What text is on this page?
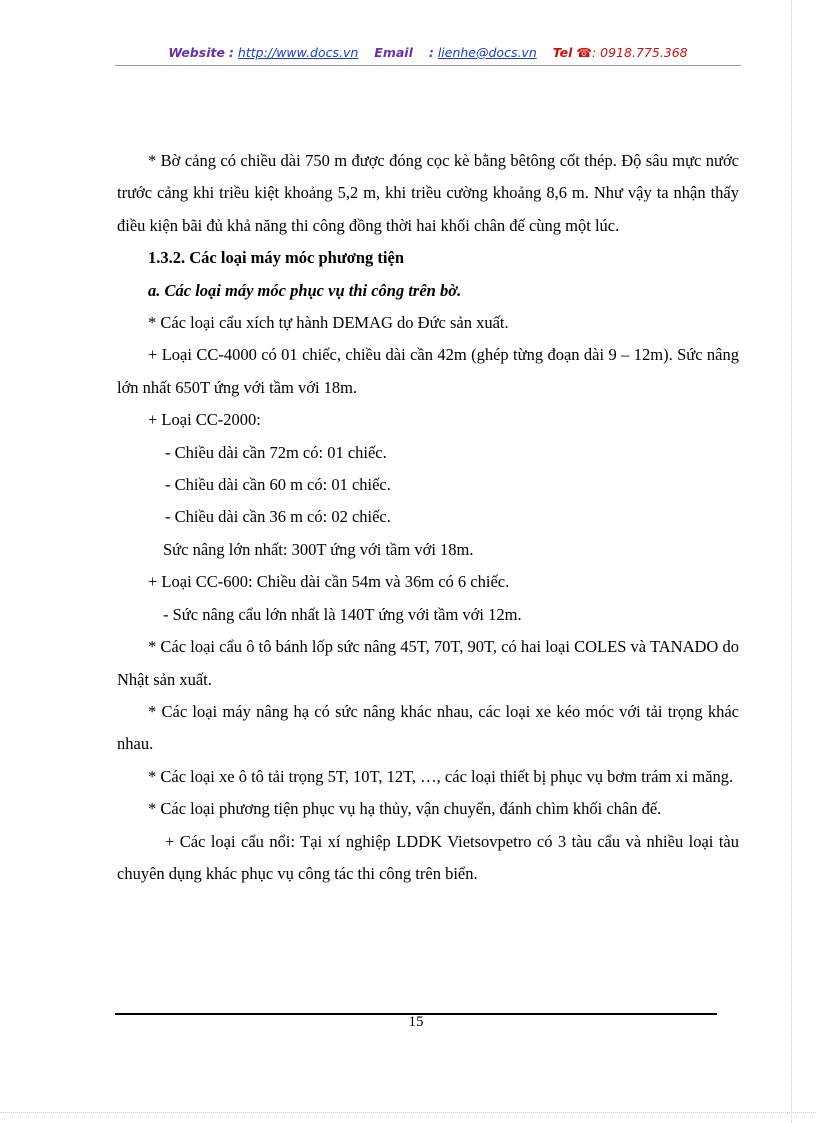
Website : http://www.docs.vn Email : lienhe@docs.vn Tel ☎: 0918.775.368

* Bờ cảng có chiều dài 750 m được đóng cọc kè bằng bêtông cốt thép. Độ sâu mực nước trước cảng khi triều kiệt khoảng 5,2 m, khi triều cường khoảng 8,6 m. Như vậy ta nhận thấy điều kiện bãi đủ khả năng thi công đồng thời hai khối chân đế cùng một lúc.

1.3.2. Các loại máy móc phương tiện

a. Các loại máy móc phục vụ thi công trên bờ.

* Các loại cẩu xích tự hành DEMAG do Đức sản xuất.

+ Loại CC-4000 có 01 chiếc, chiều dài cần 42m (ghép từng đoạn dài 9 – 12m). Sức nâng lớn nhất 650T ứng với tầm với 18m.

+ Loại CC-2000:

- Chiều dài cần 72m có: 01 chiếc.

- Chiều dài cần 60 m có: 01 chiếc.

- Chiều dài cần 36 m có: 02 chiếc.

Sức nâng lớn nhất: 300T ứng với tầm với 18m.

+ Loại CC-600: Chiều dài cần 54m và 36m có 6 chiếc.

- Sức nâng cẩu lớn nhất là 140T ứng với tầm với 12m.

* Các loại cẩu ô tô bánh lốp sức nâng 45T, 70T, 90T, có hai loại COLES và TANADO do Nhật sản xuất.

* Các loại máy nâng hạ có sức nâng khác nhau, các loại xe kéo móc với tải trọng khác nhau.

* Các loại xe ô tô tải trọng 5T, 10T, 12T, …, các loại thiết bị phục vụ bơm trám xi măng.

* Các loại phương tiện phục vụ hạ thủy, vận chuyển, đánh chìm khối chân đế.

+ Các loại cẩu nổi: Tại xí nghiệp LDDK Vietsovpetro có 3 tàu cẩu và nhiều loại tàu chuyên dụng khác phục vụ công tác thi công trên biển.

15
